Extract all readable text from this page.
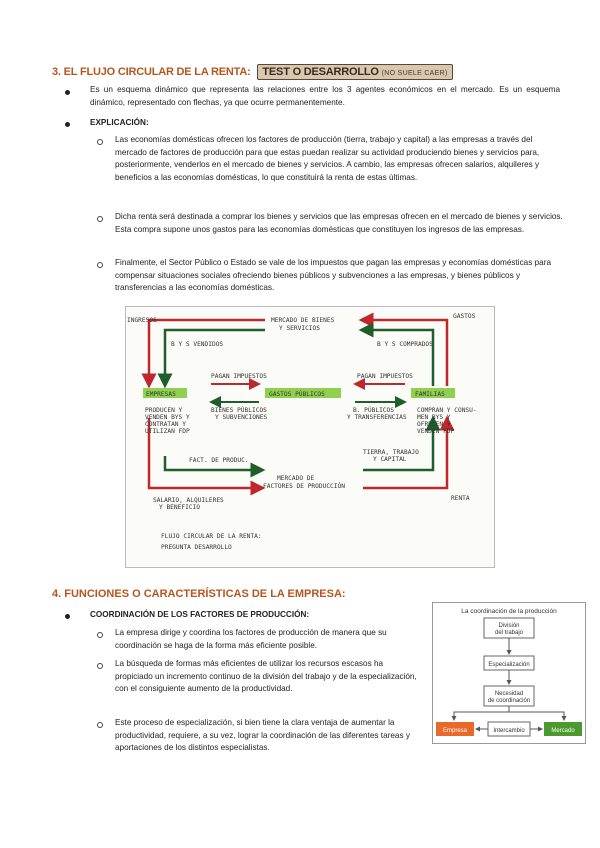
3. EL FLUJO CIRCULAR DE LA RENTA: TEST O DESARROLLO (NO SUELE CAER)
Es un esquema dinámico que representa las relaciones entre los 3 agentes económicos en el mercado. Es un esquema dinámico, representado con flechas, ya que ocurre permanentemente.
EXPLICACIÓN:
Las economías domésticas ofrecen los factores de producción (tierra, trabajo y capital) a las empresas a través del mercado de factores de producción para que estas puedan realizar su actividad produciendo bienes y servicios para, posteriormente, venderlos en el mercado de bienes y servicios. A cambio, las empresas ofrecen salarios, alquileres y beneficios a las economías domésticas, lo que constituirá la renta de estas últimas.
Dicha renta será destinada a comprar los bienes y servicios que las empresas ofrecen en el mercado de bienes y servicios. Esta compra supone unos gastos para las economías domésticas que constituyen los ingresos de las empresas.
Finalmente, el Sector Público o Estado se vale de los impuestos que pagan las empresas y economías domésticas para compensar situaciones sociales ofreciendo bienes públicos y subvenciones a las empresas, y bienes públicos y transferencias a las economías domésticas.
INGRESOS
GASTOS
MERCADO DE BIENES
Y SERVICIOS
B Y S VENDIDOS	B Y S COMPRADOS
PAGAN IMPUESTOS	PAGAN IMPUESTOS
EMPRESAS	GASTOS PÚBLICOS	FAMILIAS
BIENES PÚBLICOS
Y SUBVENCIONES
B. PÚBLICOS
Y TRANSFERENCIAS
PRODUCEN Y
VENDEN BYS Y
CONTRATAN Y
UTILIZAN FDP
COMPRAN Y CONSU-
MEN BYS Y
OFRECEN Y
VENDEN FDP
FACT. DE PRODUC.
TIERRA, TRABAJO
Y CAPITAL
MERCADO DE
FACTORES DE PRODUCCIÓN
RENTA
SALARIO, ALQUILERES
Y BENEFICIO
FLUJO CIRCULAR DE LA RENTA:
PREGUNTA DESARROLLO
4. FUNCIONES O CARACTERÍSTICAS DE LA EMPRESA:
COORDINACIÓN DE LOS FACTORES DE PRODUCCIÓN:
La empresa dirige y coordina los factores de producción de manera que su coordinación se haga de la forma más eficiente posible.
La búsqueda de formas más eficientes de utilizar los recursos escasos ha propiciado un incremento continuo de la división del trabajo y de la especialización, con el consiguiente aumento de la productividad.
Este proceso de especialización, si bien tiene la clara ventaja de aumentar la productividad, requiere, a su vez, lograr la coordinación de las diferentes tareas y aportaciones de los distintos especialistas.
La coordinación de la producción
División
del trabajo
Especialización
Necesidad
de coordinación
Empresa	Intercambio	Mercado
